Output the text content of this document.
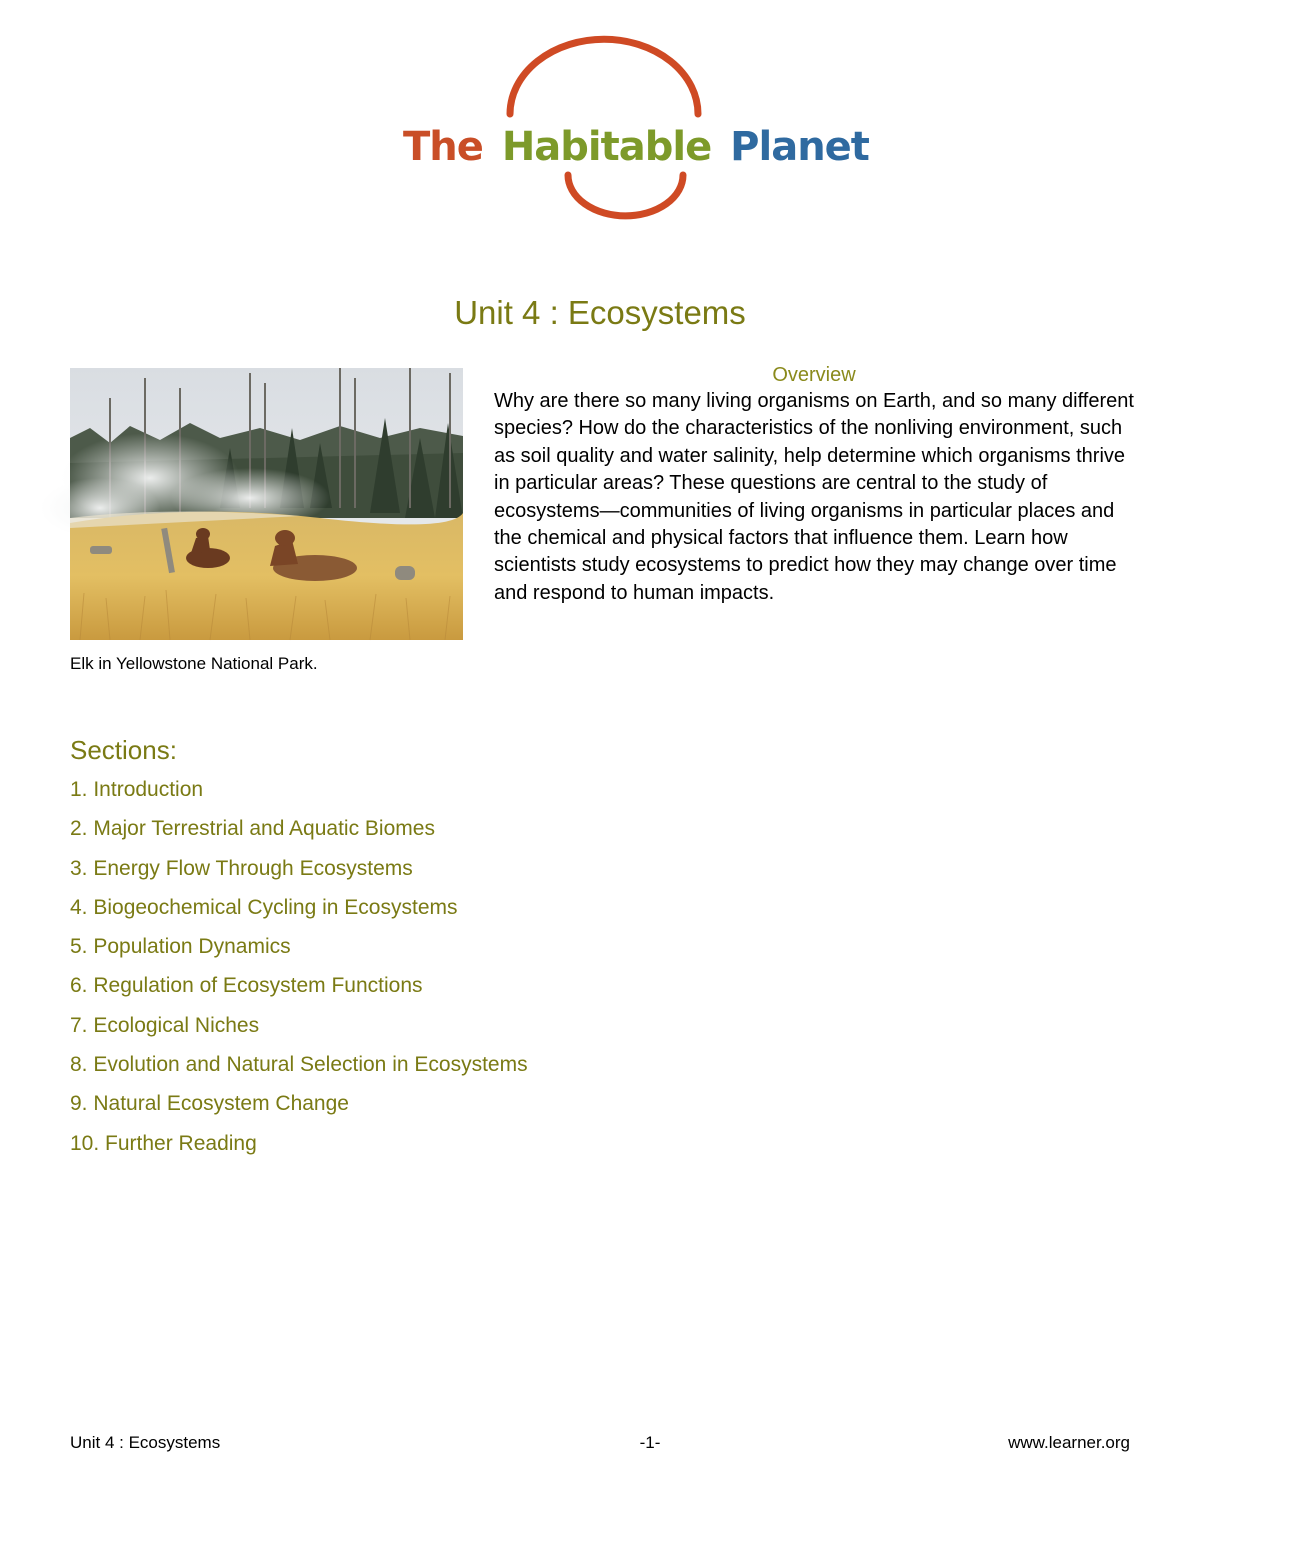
The Habitable Planet
Unit 4 : Ecosystems
Elk in Yellowstone National Park.

Overview

Why are there so many living organisms on Earth, and so many different species? How do the characteristics of the nonliving environment, such as soil quality and water salinity, help determine which organisms thrive in particular areas? These questions are central to the study of ecosystems—communities of living organisms in particular places and the chemical and physical factors that influence them. Learn how scientists study ecosystems to predict how they may change over time and respond to human impacts.

Sections:
1. Introduction
2. Major Terrestrial and Aquatic Biomes
3. Energy Flow Through Ecosystems
4. Biogeochemical Cycling in Ecosystems
5. Population Dynamics
6. Regulation of Ecosystem Functions
7. Ecological Niches
8. Evolution and Natural Selection in Ecosystems
9. Natural Ecosystem Change
10. Further Reading
Unit 4 : Ecosystems	-1-	www.learner.org
